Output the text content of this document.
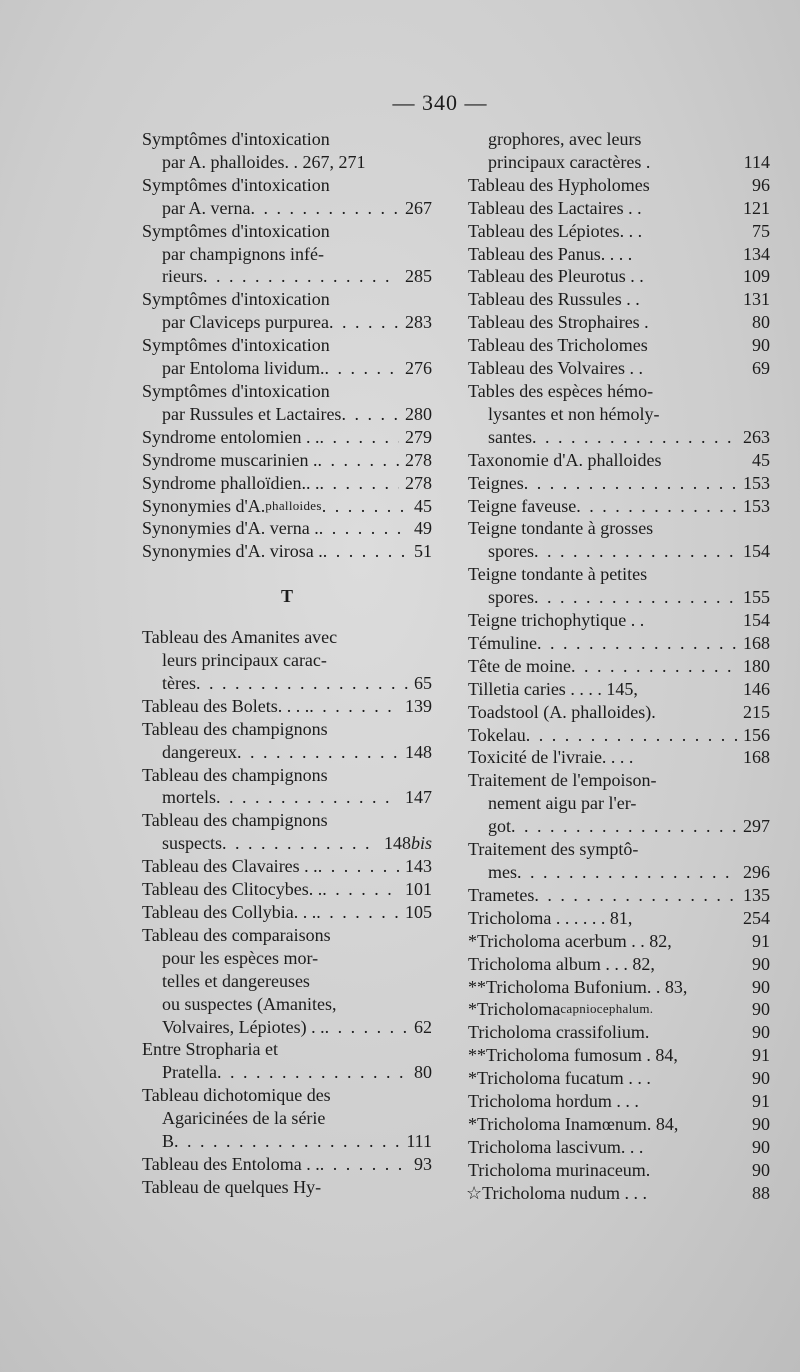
— 340 —
Symptômes d'intoxication
par A. phalloides. . 267, 271
Symptômes d'intoxication
par A. verna . . .	267
Symptômes d'intoxication
par champignons infé-
rieurs . . .	285
Symptômes d'intoxication
par Claviceps purpurea . . .	283
Symptômes d'intoxication
par Entoloma lividum. . . .	276
Symptômes d'intoxication
par Russules et Lactaires . . .	280
Syndrome entolomien . . . . .	279
Syndrome muscarinien . . . .	278
Syndrome phalloïdien.. . . . .	278
Synonymies d'A. phalloides . . .	45
Synonymies d'A. verna . . . .	49
Synonymies d'A. virosa . . . .	51
T
Tableau des Amanites avec
leurs principaux carac-
tères . . .	65
Tableau des Bolets. . . . . . .	139
Tableau des champignons
dangereux . . .	148
Tableau des champignons
mortels . . .	147
Tableau des champignons
suspects . . .	148 bis
Tableau des Clavaires . . . . .	143
Tableau des Clitocybes. . . . .	101
Tableau des Collybia. . . . . .	105
Tableau des comparaisons
pour les espèces mor-
telles et dangereuses
ou suspectes (Amanites,
Volvaires, Lépiotes) . . . . .	62
Entre Stropharia et
Pratella . . .	80
Tableau dichotomique des
Agaricinées de la série
B . . .	111
Tableau des Entoloma . . . . .	93
Tableau de quelques Hy-
grophores, avec leurs
principaux caractères .	114
Tableau des Hypholomes	96
Tableau des Lactaires . .	121
Tableau des Lépiotes. . .	75
Tableau des Panus. . . .	134
Tableau des Pleurotus . .	109
Tableau des Russules . .	131
Tableau des Strophaires .	80
Tableau des Tricholomes	90
Tableau des Volvaires . .	69
Tables des espèces hémo-
lysantes et non hémoly-
santes . . .	263
Taxonomie d'A. phalloides	45
Teignes . . .	153
Teigne faveuse . . .	153
Teigne tondante à grosses
spores . . .	154
Teigne tondante à petites
spores . . .	155
Teigne trichophytique . .	154
Témuline . . .	168
Tête de moine . . .	180
Tilletia caries . . . . 145,	146
Toadstool (A. phalloides).	215
Tokelau . . .	156
Toxicité de l'ivraie. . . .	168
Traitement de l'empoison-
nement aigu par l'er-
got . . .	297
Traitement des symptô-
mes . . .	296
Trametes . . .	135
Tricholoma . . . . . . 81,	254
*Tricholoma acerbum . . 82,	91
Tricholoma album . . . 82,	90
**Tricholoma Bufonium. . 83,	90
*Tricholoma capniocephalum.	90
Tricholoma crassifolium.	90
**Tricholoma fumosum . 84,	91
*Tricholoma fucatum . . .	90
Tricholoma hordum . . .	91
*Tricholoma Inamœnum. 84,	90
Tricholoma lascivum. . .	90
Tricholoma murinaceum.	90
☆Tricholoma nudum . . .	88
